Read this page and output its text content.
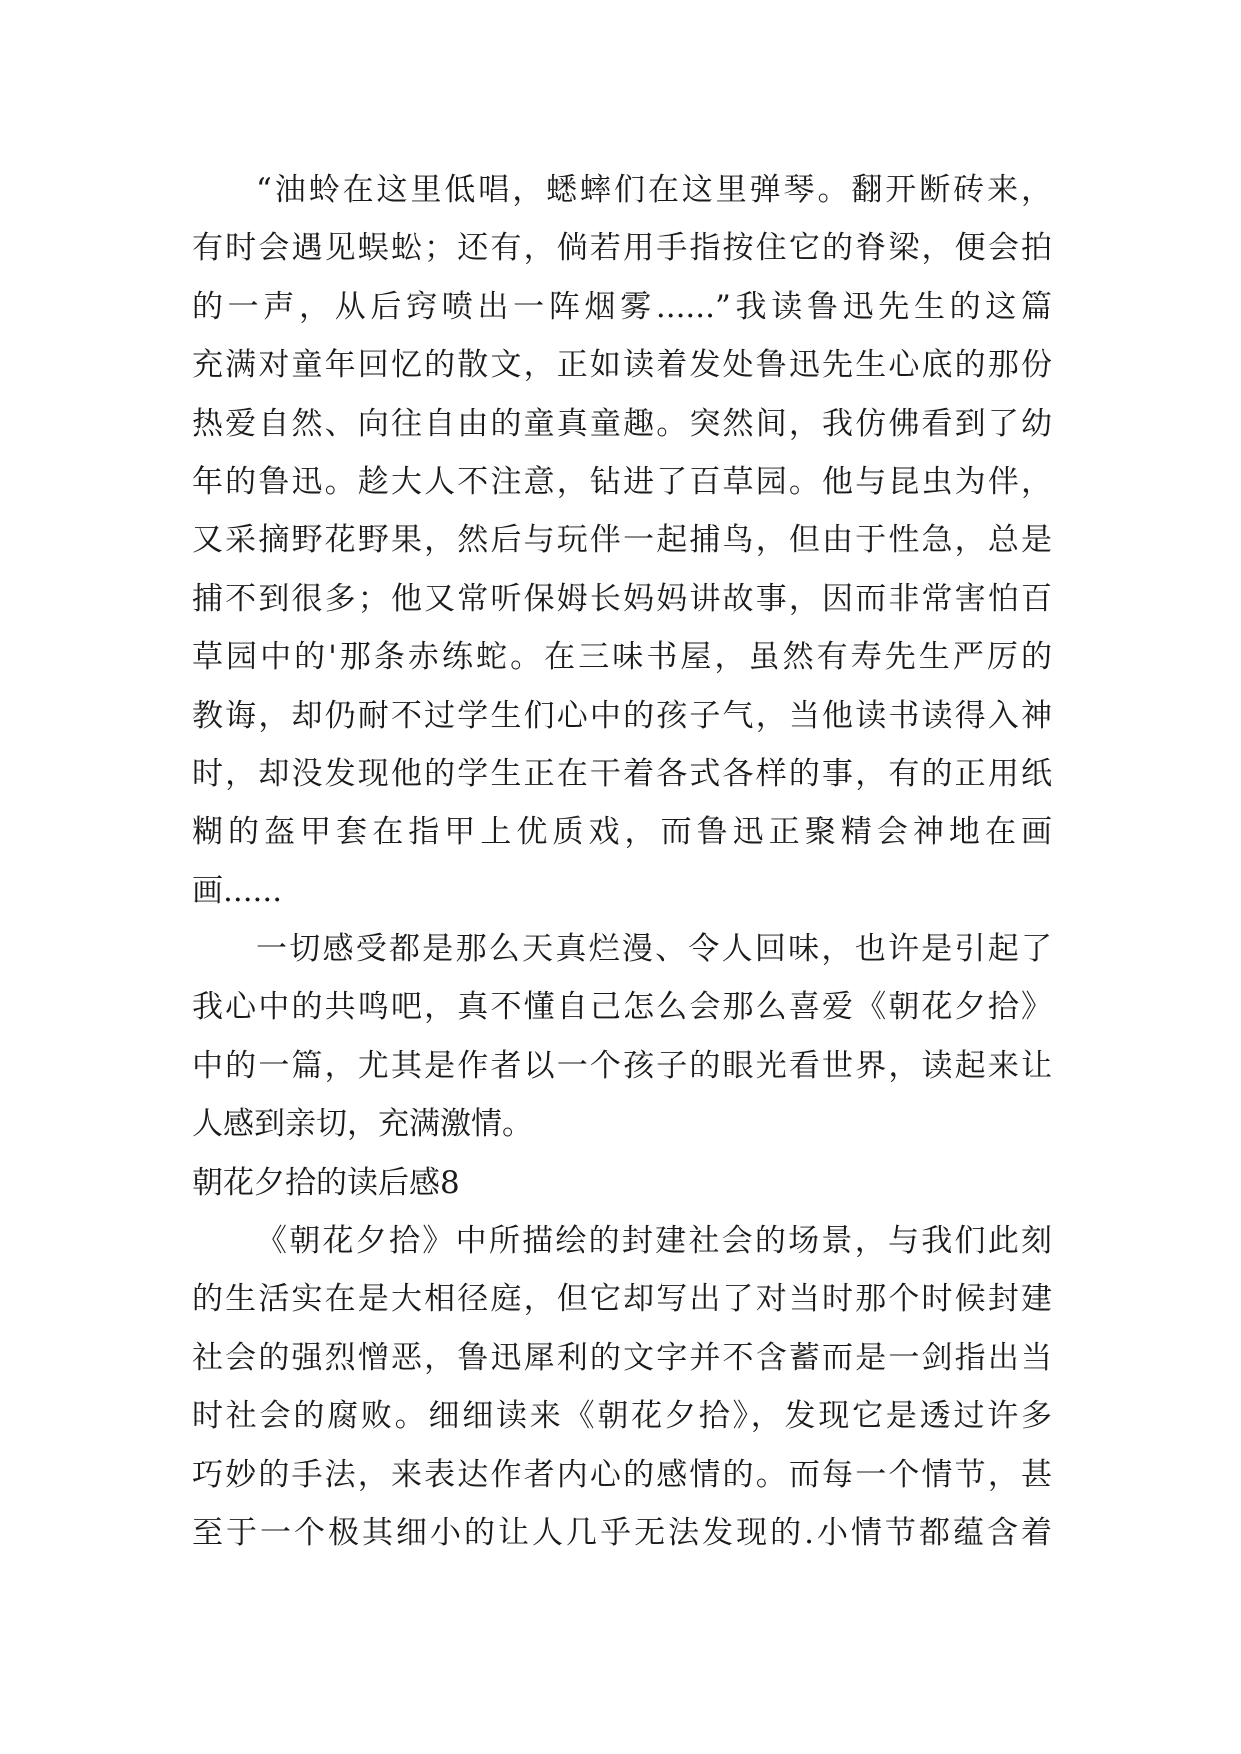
“油蛉在这里低唱，蟋蟀们在这里弹琴。翻开断砖来，
有时会遇见蜈蚣；还有，倘若用手指按住它的脊梁，便会拍
的一声，从后窍喷出一阵烟雾......”我读鲁迅先生的这篇
充满对童年回忆的散文，正如读着发处鲁迅先生心底的那份
热爱自然、向往自由的童真童趣。突然间，我仿佛看到了幼
年的鲁迅。趁大人不注意，钻进了百草园。他与昆虫为伴，
又采摘野花野果，然后与玩伴一起捕鸟，但由于性急，总是
捕不到很多；他又常听保姆长妈妈讲故事，因而非常害怕百
草园中的'那条赤练蛇。在三味书屋，虽然有寿先生严厉的
教诲，却仍耐不过学生们心中的孩子气，当他读书读得入神
时，却没发现他的学生正在干着各式各样的事，有的正用纸
糊的盔甲套在指甲上优质戏，而鲁迅正聚精会神地在画
画......
一切感受都是那么天真烂漫、令人回味，也许是引起了
我心中的共鸣吧，真不懂自己怎么会那么喜爱《朝花夕拾》
中的一篇，尤其是作者以一个孩子的眼光看世界，读起来让
人感到亲切，充满激情。
朝花夕拾的读后感8
《朝花夕拾》中所描绘的封建社会的场景，与我们此刻
的生活实在是大相径庭，但它却写出了对当时那个时候封建
社会的强烈憎恶，鲁迅犀利的文字并不含蓄而是一剑指出当
时社会的腐败。细细读来《朝花夕拾》，发现它是透过许多
巧妙的手法，来表达作者内心的感情的。而每一个情节，甚
至于一个极其细小的让人几乎无法发现的.小情节都蕴含着
